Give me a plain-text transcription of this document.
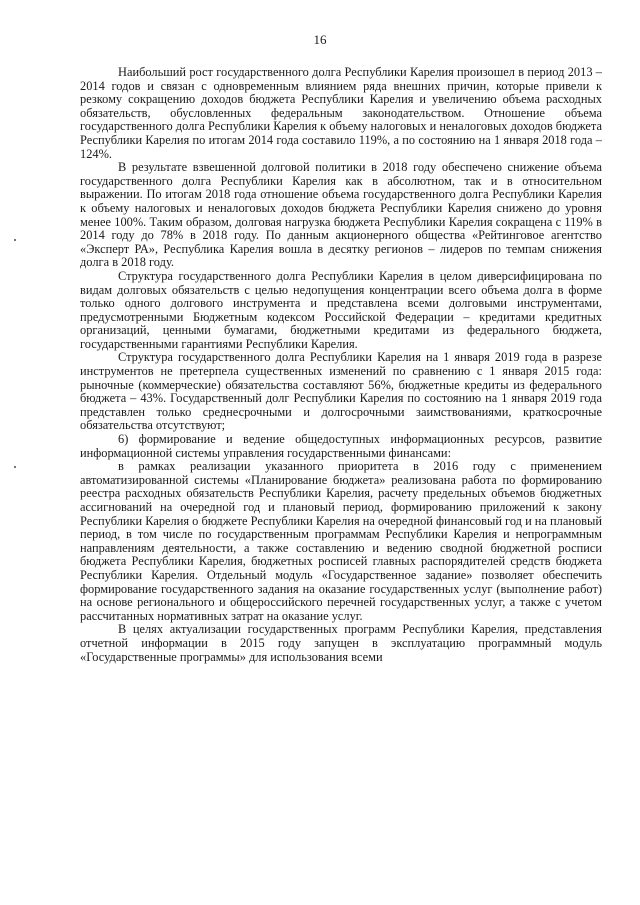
16

Наибольший рост государственного долга Республики Карелия произошел в период 2013 – 2014 годов и связан с одновременным влиянием ряда внешних причин, которые привели к резкому сокращению доходов бюджета Республики Карелия и увеличению объема расходных обязательств, обусловленных федеральным законодательством. Отношение объема государственного долга Республики Карелия к объему налоговых и неналоговых доходов бюджета Республики Карелия по итогам 2014 года составило 119%, а по состоянию на 1 января 2018 года – 124%.

В результате взвешенной долговой политики в 2018 году обеспечено снижение объема государственного долга Республики Карелия как в абсолютном, так и в относительном выражении. По итогам 2018 года отношение объема государственного долга Республики Карелия к объему налоговых и неналоговых доходов бюджета Республики Карелия снижено до уровня менее 100%. Таким образом, долговая нагрузка бюджета Республики Карелия сокращена с 119% в 2014 году до 78% в 2018 году. По данным акционерного общества «Рейтинговое агентство «Эксперт РА», Республика Карелия вошла в десятку регионов – лидеров по темпам снижения долга в 2018 году.

Структура государственного долга Республики Карелия в целом диверсифицирована по видам долговых обязательств с целью недопущения концентрации всего объема долга в форме только одного долгового инструмента и представлена всеми долговыми инструментами, предусмотренными Бюджетным кодексом Российской Федерации – кредитами кредитных организаций, ценными бумагами, бюджетными кредитами из федерального бюджета, государственными гарантиями Республики Карелия.

Структура государственного долга Республики Карелия на 1 января 2019 года в разрезе инструментов не претерпела существенных изменений по сравнению с 1 января 2015 года: рыночные (коммерческие) обязательства составляют 56%, бюджетные кредиты из федерального бюджета – 43%. Государственный долг Республики Карелия по состоянию на 1 января 2019 года представлен только среднесрочными и долгосрочными заимствованиями, краткосрочные обязательства отсутствуют;

6) формирование и ведение общедоступных информационных ресурсов, развитие информационной системы управления государственными финансами:

в рамках реализации указанного приоритета в 2016 году с применением автоматизированной системы «Планирование бюджета» реализована работа по формированию реестра расходных обязательств Республики Карелия, расчету предельных объемов бюджетных ассигнований на очередной год и плановый период, формированию приложений к закону Республики Карелия о бюджете Республики Карелия на очередной финансовый год и на плановый период, в том числе по государственным программам Республики Карелия и непрограммным направлениям деятельности, а также составлению и ведению сводной бюджетной росписи бюджета Республики Карелия, бюджетных росписей главных распорядителей средств бюджета Республики Карелия. Отдельный модуль «Государственное задание» позволяет обеспечить формирование государственного задания на оказание государственных услуг (выполнение работ) на основе регионального и общероссийского перечней государственных услуг, а также с учетом рассчитанных нормативных затрат на оказание услуг.

В целях актуализации государственных программ Республики Карелия, представления отчетной информации в 2015 году запущен в эксплуатацию программный модуль «Государственные программы» для использования всеми
